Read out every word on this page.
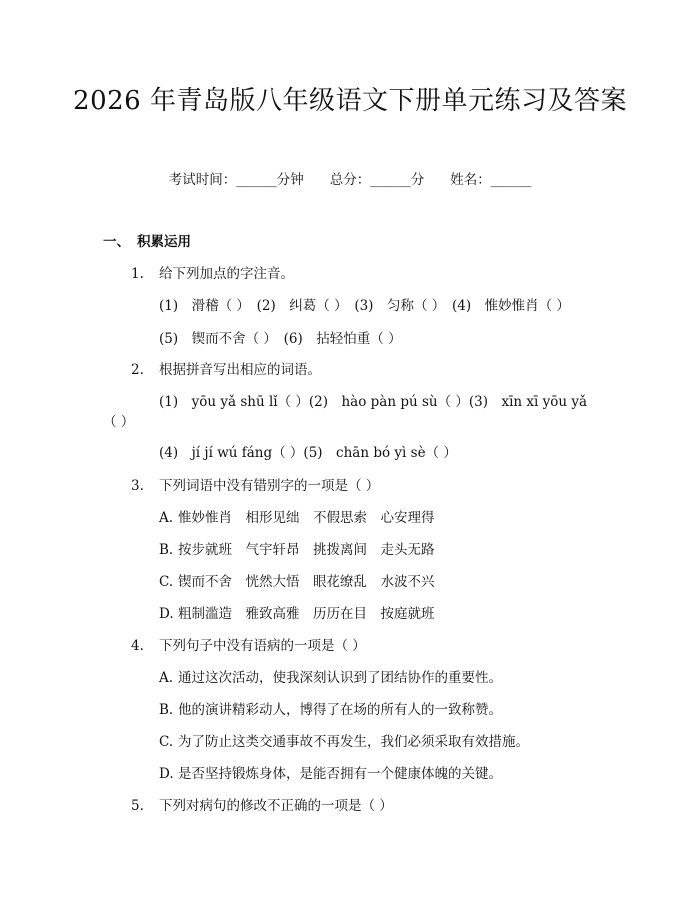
2026 年青岛版八年级语文下册单元练习及答案
考试时间：______分钟 总分：______分 姓名：______
一、 积累运用
1. 给下列加点的字注音。
(1)　滑稽（ ）　(2)　纠葛（ ）　(3)　匀称（ ）　(4)　惟妙惟肖（ ）
(5)　锲而不舍（ ）　(6)　拈轻怕重（ ）
2. 根据拼音写出相应的词语。
(1)　yōu yǎ shū lǐ（ ）(2)　hào pàn pú sù（ ）(3)　xīn xī yōu yǎ
（ ）
(4)　jí jí wú fáng（ ）(5)　chān bó yì sè（ ）
3. 下列词语中没有错别字的一项是（ ）
A. 惟妙惟肖　相形见绌　不假思索　心安理得
B. 按步就班　气宇轩昂　挑拨离间　走头无路
C. 锲而不舍　恍然大悟　眼花缭乱　水波不兴
D. 粗制滥造　雅致高雅　历历在目　按庭就班
4. 下列句子中没有语病的一项是（ ）
A. 通过这次活动，使我深刻认识到了团结协作的重要性。
B. 他的演讲精彩动人，博得了在场的所有人的一致称赞。
C. 为了防止这类交通事故不再发生，我们必须采取有效措施。
D. 是否坚持锻炼身体，是能否拥有一个健康体魄的关键。
5. 下列对病句的修改不正确的一项是（ ）
